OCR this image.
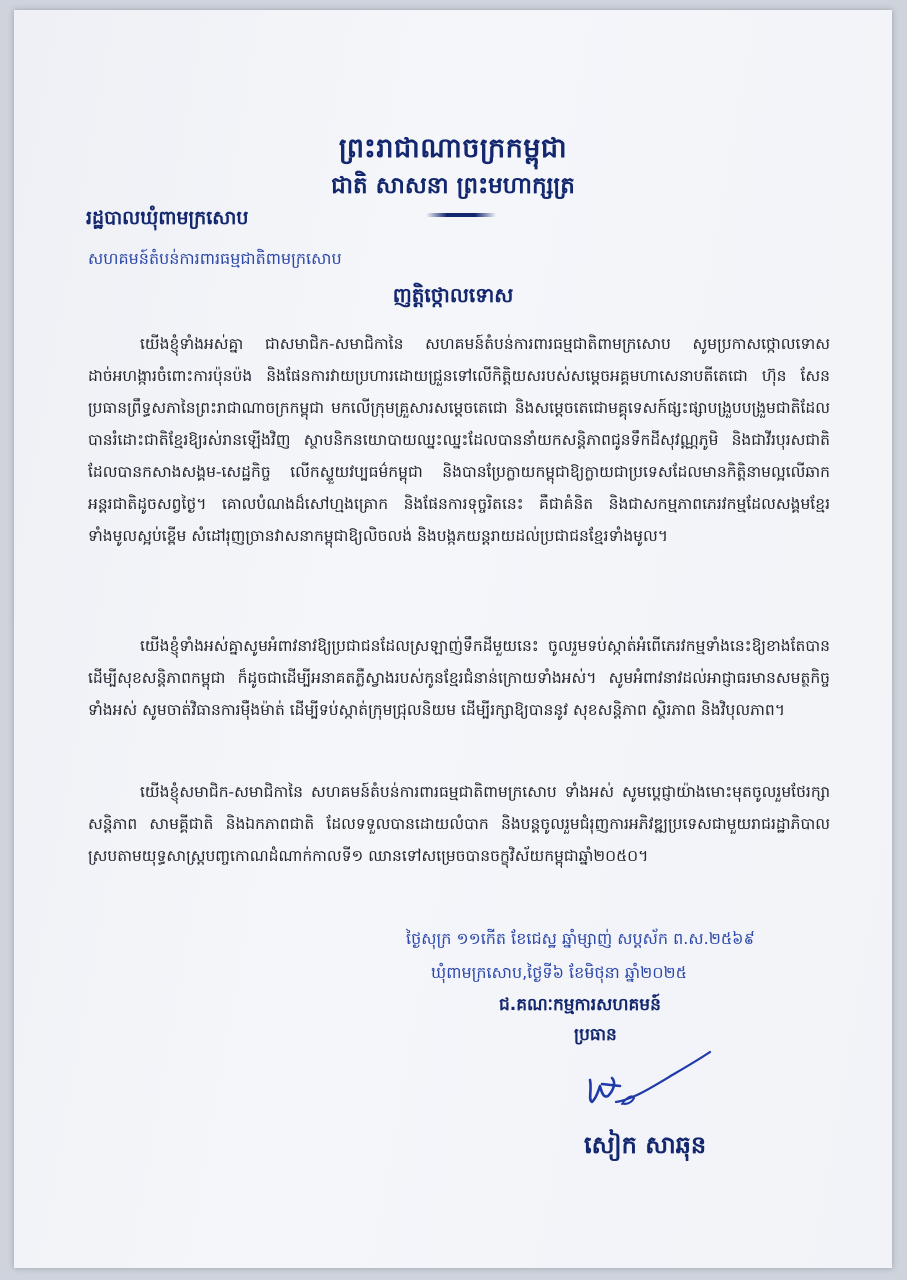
ព្រះរាជាណាចក្រកម្ពុជា
ជាតិ សាសនា ព្រះមហាក្សត្រ
រដ្ឋបាលឃុំពាមក្រសោប
សហគមន៍តំបន់ការពារធម្មជាតិពាមក្រសោប
ញត្តិថ្កោលទោស

យើងខ្ញុំទាំងអស់គ្នា ជាសមាជិក-សមាជិកានៃ សហគមន៍តំបន់ការពារធម្មជាតិពាមក្រសោប សូមប្រកាសថ្កោលទោសដាច់អហង្ការចំពោះការប៉ុនប៉ង និងផែនការវាយប្រហារដោយជ្រួនទៅលើកិត្តិយសរបស់សម្តេចអគ្គមហាសេនាបតីតេជោ ហ៊ុន សែន ប្រធានព្រឹទ្ធសភានៃព្រះរាជាណាចក្រកម្ពុជា មកលើក្រុមគ្រួសារសម្តេចតេជោ និងសម្តេចតេជោមគ្គុទេសក៍ផ្សះផ្សាបង្រួបបង្រួមជាតិដែលបានរំដោះជាតិខ្មែរឱ្យរស់រានឡើងវិញ ស្ថាបនិកនយោបាយឈ្នះឈ្នះដែលបាននាំយកសន្តិភាពជូនទឹកដីសុវណ្ណភូមិ និងជាវីរបុរសជាតិ ដែលបានកសាងសង្គម-សេដ្ឋកិច្ច លើកស្ទួយវប្បធម៌កម្ពុជា និងបានប្រែក្លាយកម្ពុជាឱ្យក្លាយជាប្រទេសដែលមានកិត្តិនាមល្អលើឆាកអន្តរជាតិដូចសព្វថ្ងៃ។ គោលបំណងដ៏សៅហ្មងគ្រោក និងផែនការទុច្ចរិតនេះ គឺជាគំនិត និងជាសកម្មភាពភេរវកម្មដែលសង្គមខ្មែរទាំងមូលស្អប់ខ្ពើម សំដៅរុញច្រានវាសនាកម្ពុជាឱ្យលិចលង់ និងបង្កភយន្តរាយដល់ប្រជាជនខ្មែរទាំងមូល។

យើងខ្ញុំទាំងអស់គ្នាសូមអំពាវនាវឱ្យប្រជាជនដែលស្រឡាញ់ទឹកដីមួយនេះ ចូលរួមទប់ស្កាត់អំពើភេរវកម្មទាំងនេះឱ្យខាងតែបាន ដើម្បីសុខសន្តិភាពកម្ពុជា ក៏ដូចជាដើម្បីអនាគតភ្លឺស្វាងរបស់កូនខ្មែរជំនាន់ក្រោយទាំងអស់។ សូមអំពាវនាវដល់អាជ្ញាធរមានសមត្ថកិច្ចទាំងអស់ សូមចាត់វិធានការម៉ឺងម៉ាត់ ដើម្បីទប់ស្កាត់ក្រុមជ្រុលនិយម ដើម្បីរក្សាឱ្យបាននូវ សុខសន្តិភាព ស្ថិរភាព និងវិបុលភាព។

យើងខ្ញុំសមាជិក-សមាជិកានៃ សហគមន៍តំបន់ការពារធម្មជាតិពាមក្រសោប ទាំងអស់ សូមប្តេជ្ញាយ៉ាងមោះមុតចូលរួមថែរក្សាសន្តិភាព សាមគ្គីជាតិ និងឯកភាពជាតិ ដែលទទួលបានដោយលំបាក និងបន្តចូលរួមជំរុញការអភិវឌ្ឍប្រទេសជាមួយរាជរដ្ឋាភិបាល ស្របតាមយុទ្ធសាស្ត្របញ្ចកោណដំណាក់កាលទី១ ឈានទៅសម្រេចបានចក្ខុវិស័យកម្ពុជាឆ្នាំ២០៥០។

ថ្ងៃសុក្រ ១១កើត ខែជេស្ឋ ឆ្នាំម្សាញ់ សប្តស័ក ព.ស.២៥៦៩
ឃុំពាមក្រសោប,ថ្ងៃទី៦ ខែមិថុនា ឆ្នាំ២០២៥
ជ.គណៈកម្មការសហគមន៍
ប្រធាន
សៀក សាឆុន
